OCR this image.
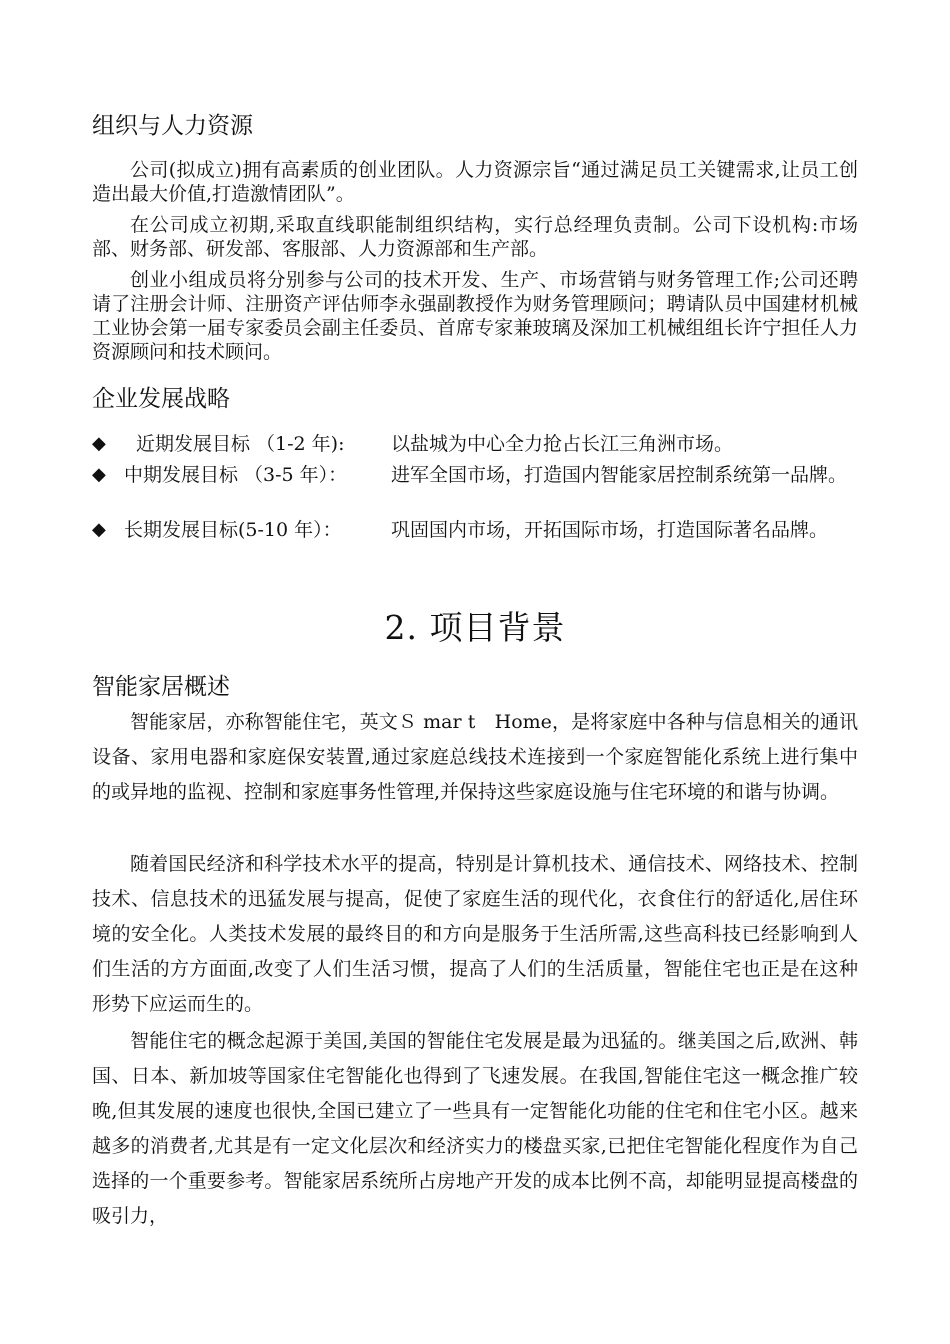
组织与人力资源

公司(拟成立)拥有高素质的创业团队。人力资源宗旨“通过满足员工关键需求,让员工创造出最大价值,打造激情团队”。

在公司成立初期,采取直线职能制组织结构，实行总经理负责制。公司下设机构:市场部、财务部、研发部、客服部、人力资源部和生产部。

创业小组成员将分别参与公司的技术开发、生产、市场营销与财务管理工作;公司还聘请了注册会计师、注册资产评估师李永强副教授作为财务管理顾问；聘请队员中国建材机械工业协会第一届专家委员会副主任委员、首席专家兼玻璃及深加工机械组组长许宁担任人力资源顾问和技术顾问。

企业发展战略
◆ 近期发展目标 （1-2 年): 以盐城为中心全力抢占长江三角洲市场。
◆ 中期发展目标 （3-5 年）： 进军全国市场，打造国内智能家居控制系统第一品牌。
◆ 长期发展目标(5-10 年）：	巩固国内市场，开拓国际市场，打造国际著名品牌。
2. 项目背景
智能家居概述

智能家居，亦称智能住宅，英文Ｓ mar t　Home，是将家庭中各种与信息相关的通讯设备、家用电器和家庭保安装置,通过家庭总线技术连接到一个家庭智能化系统上进行集中的或异地的监视、控制和家庭事务性管理,并保持这些家庭设施与住宅环境的和谐与协调。

随着国民经济和科学技术水平的提高，特别是计算机技术、通信技术、网络技术、控制技术、信息技术的迅猛发展与提高，促使了家庭生活的现代化，衣食住行的舒适化,居住环境的安全化。人类技术发展的最终目的和方向是服务于生活所需,这些高科技已经影响到人们生活的方方面面,改变了人们生活习惯，提高了人们的生活质量，智能住宅也正是在这种形势下应运而生的。

智能住宅的概念起源于美国,美国的智能住宅发展是最为迅猛的。继美国之后,欧洲、韩国、日本、新加坡等国家住宅智能化也得到了飞速发展。在我国,智能住宅这一概念推广较晚,但其发展的速度也很快,全国已建立了一些具有一定智能化功能的住宅和住宅小区。越来越多的消费者,尤其是有一定文化层次和经济实力的楼盘买家,已把住宅智能化程度作为自己选择的一个重要参考。智能家居系统所占房地产开发的成本比例不高，却能明显提高楼盘的吸引力，
